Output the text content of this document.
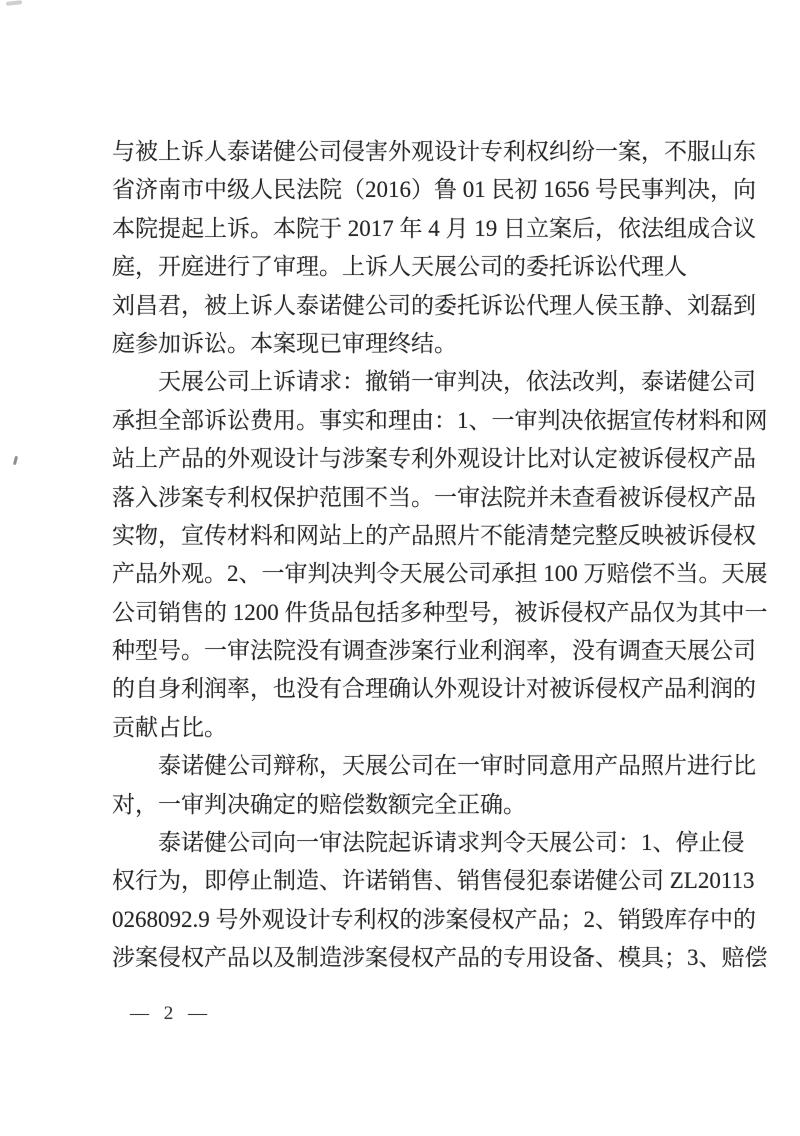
与被上诉人泰诺健公司侵害外观设计专利权纠纷一案，不服山东
省济南市中级人民法院（2016）鲁 01 民初 1656 号民事判决，向
本院提起上诉。本院于 2017 年 4 月 19 日立案后，依法组成合议
庭，开庭进行了审理。上诉人天展公司的委托诉讼代理人
刘昌君，被上诉人泰诺健公司的委托诉讼代理人侯玉静、刘磊到
庭参加诉讼。本案现已审理终结。
天展公司上诉请求：撤销一审判决，依法改判，泰诺健公司
承担全部诉讼费用。事实和理由：1、一审判决依据宣传材料和网
站上产品的外观设计与涉案专利外观设计比对认定被诉侵权产品
落入涉案专利权保护范围不当。一审法院并未查看被诉侵权产品
实物，宣传材料和网站上的产品照片不能清楚完整反映被诉侵权
产品外观。2、一审判决判令天展公司承担 100 万赔偿不当。天展
公司销售的 1200 件货品包括多种型号，被诉侵权产品仅为其中一
种型号。一审法院没有调查涉案行业利润率，没有调查天展公司
的自身利润率，也没有合理确认外观设计对被诉侵权产品利润的
贡献占比。
泰诺健公司辩称，天展公司在一审时同意用产品照片进行比
对，一审判决确定的赔偿数额完全正确。
泰诺健公司向一审法院起诉请求判令天展公司：1、停止侵
权行为，即停止制造、许诺销售、销售侵犯泰诺健公司 ZL20113
0268092.9 号外观设计专利权的涉案侵权产品；2、销毁库存中的
涉案侵权产品以及制造涉案侵权产品的专用设备、模具；3、赔偿
— 2 —
